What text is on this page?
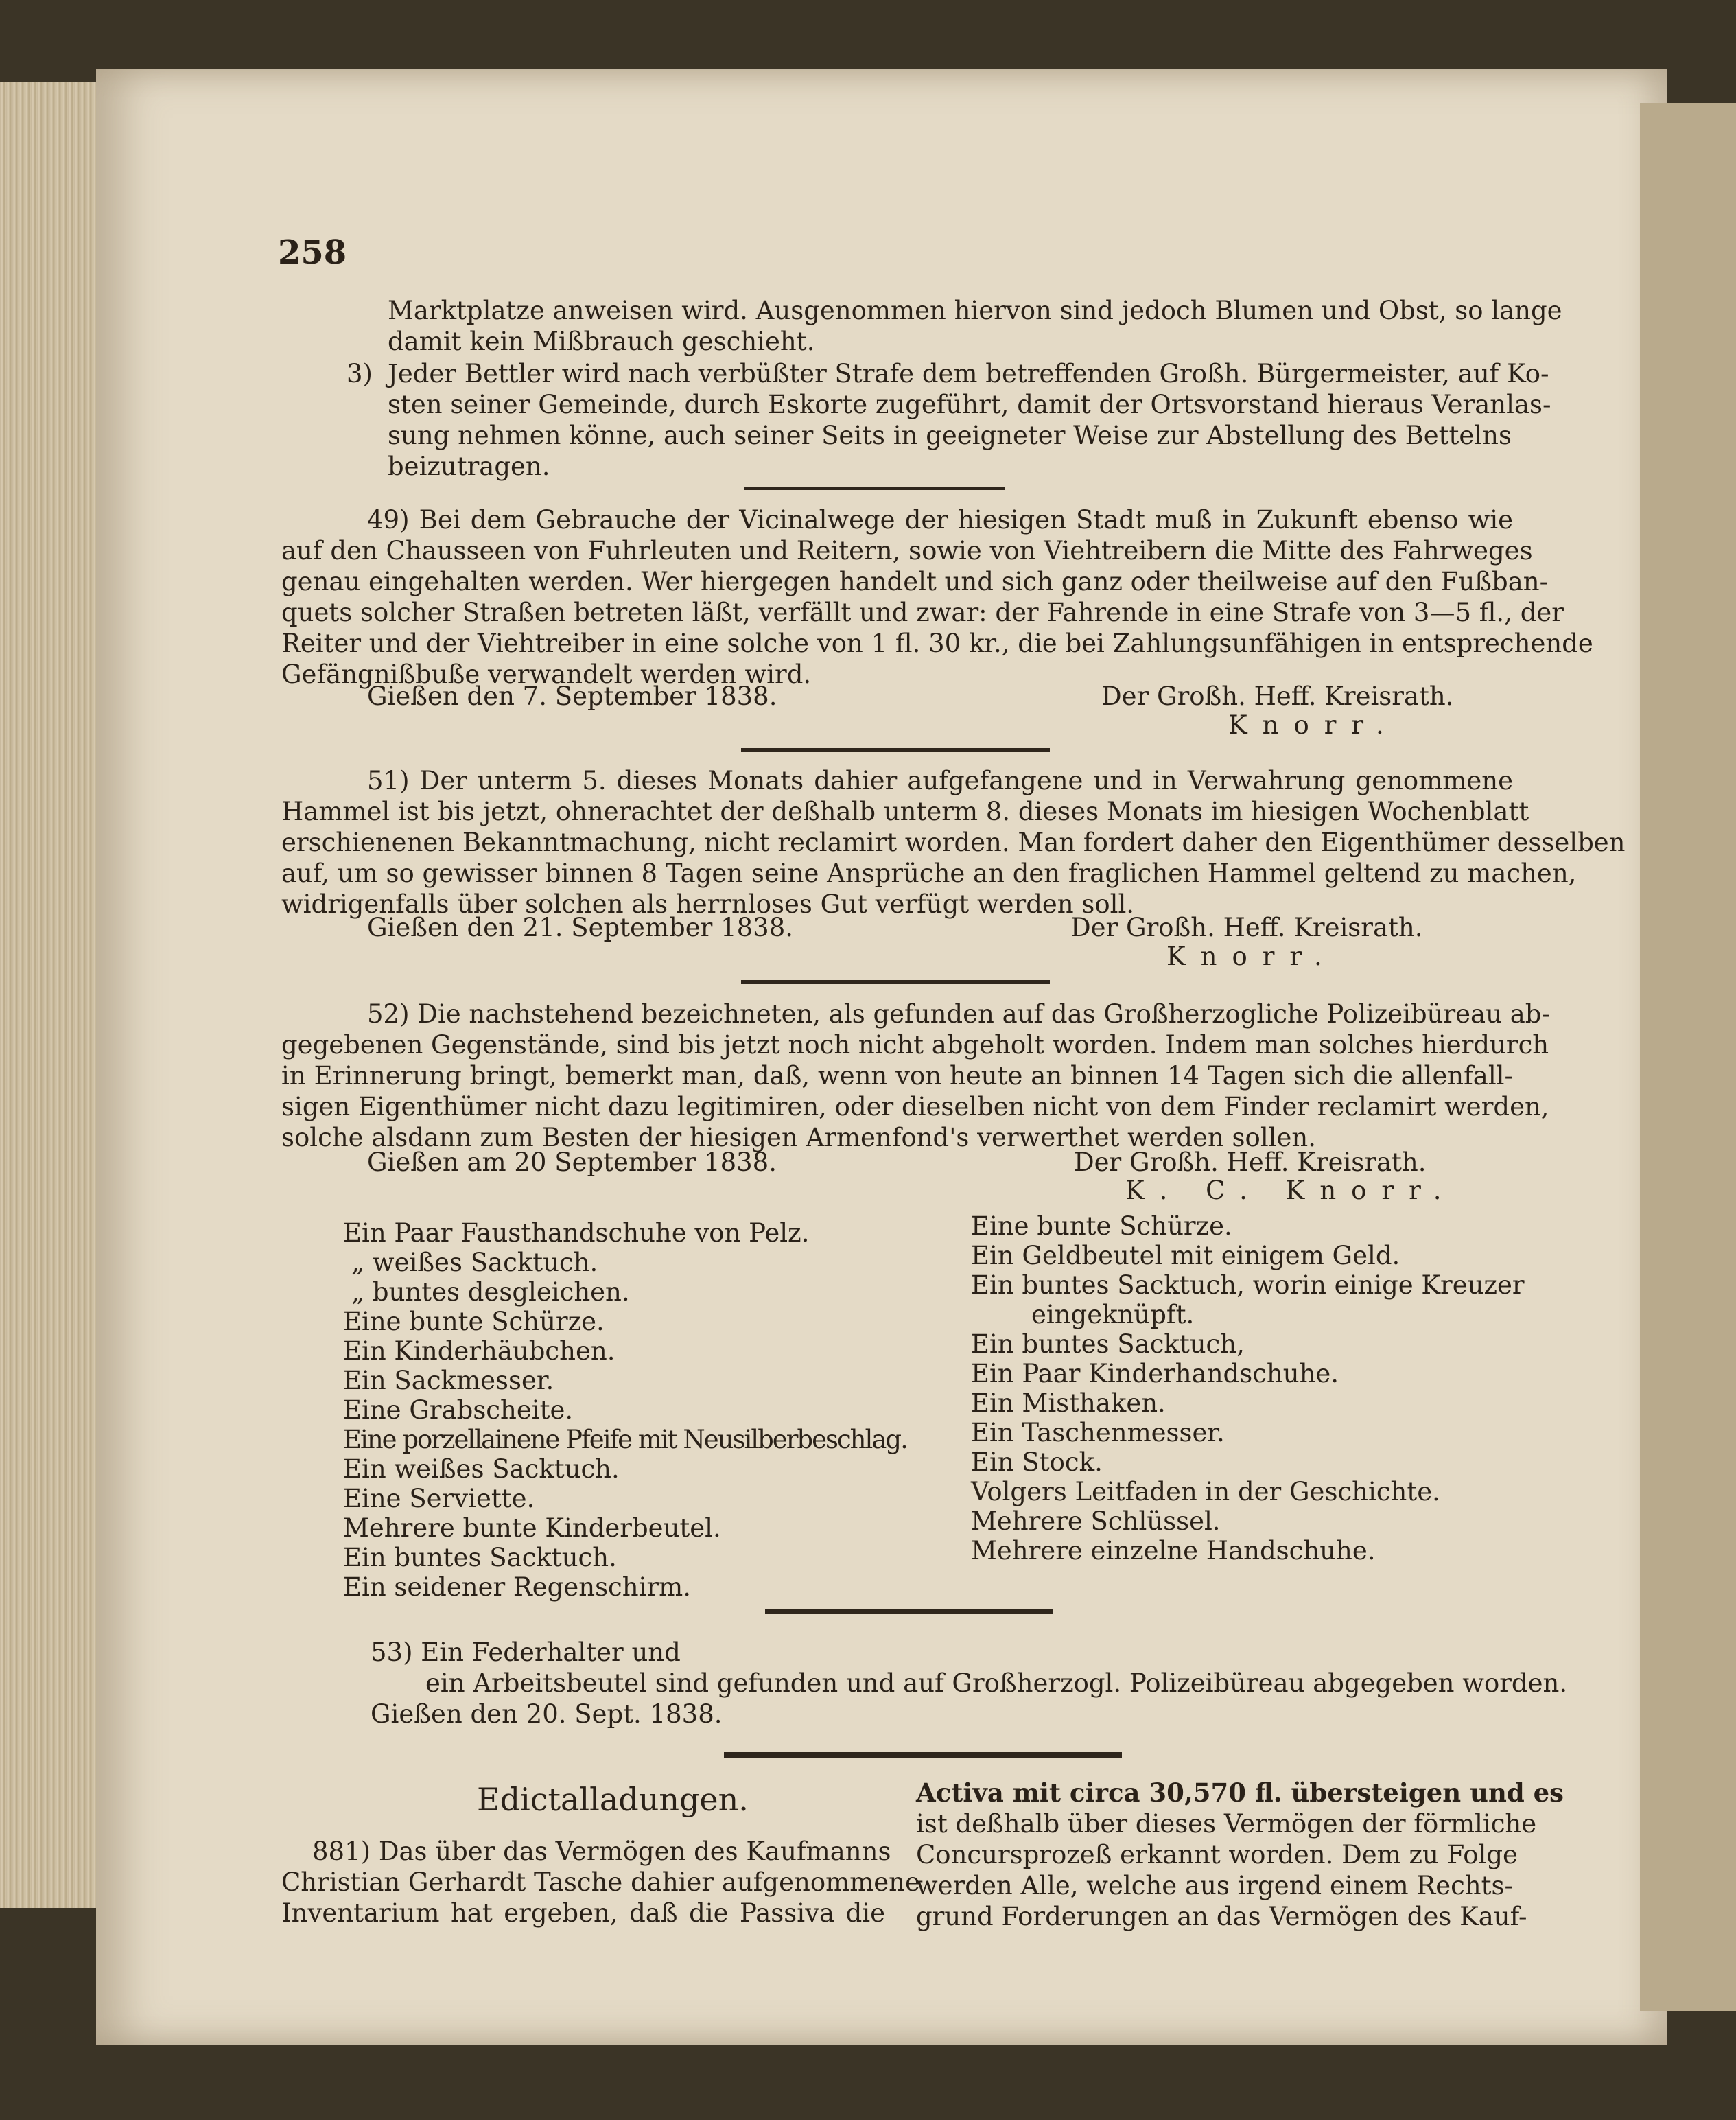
258
Marktplatze anweisen wird. Ausgenommen hiervon sind jedoch Blumen und Obst, so lange
damit kein Mißbrauch geschieht.
3) Jeder Bettler wird nach verbüßter Strafe dem betreffenden Großh. Bürgermeister, auf Ko-
sten seiner Gemeinde, durch Eskorte zugeführt, damit der Ortsvorstand hieraus Veranlas-
sung nehmen könne, auch seiner Seits in geeigneter Weise zur Abstellung des Bettelns
beizutragen.
49) Bei dem Gebrauche der Vicinalwege der hiesigen Stadt muß in Zukunft ebenso wie
auf den Chausseen von Fuhrleuten und Reitern, sowie von Viehtreibern die Mitte des Fahrweges
genau eingehalten werden. Wer hiergegen handelt und sich ganz oder theilweise auf den Fußban-
quets solcher Straßen betreten läßt, verfällt und zwar: der Fahrende in eine Strafe von 3—5 fl., der
Reiter und der Viehtreiber in eine solche von 1 fl. 30 kr., die bei Zahlungsunfähigen in entsprechende
Gefängnißbuße verwandelt werden wird.
Gießen den 7. September 1838.	Der Großh. Heff. Kreisrath.
Knorr.
51) Der unterm 5. dieses Monats dahier aufgefangene und in Verwahrung genommene
Hammel ist bis jetzt, ohnerachtet der deßhalb unterm 8. dieses Monats im hiesigen Wochenblatt
erschienenen Bekanntmachung, nicht reclamirt worden. Man fordert daher den Eigenthümer desselben
auf, um so gewisser binnen 8 Tagen seine Ansprüche an den fraglichen Hammel geltend zu machen,
widrigenfalls über solchen als herrnloses Gut verfügt werden soll.
Gießen den 21. September 1838.	Der Großh. Heff. Kreisrath.
Knorr.
52) Die nachstehend bezeichneten, als gefunden auf das Großherzogliche Polizeibüreau ab-
gegebenen Gegenstände, sind bis jetzt noch nicht abgeholt worden. Indem man solches hierdurch
in Erinnerung bringt, bemerkt man, daß, wenn von heute an binnen 14 Tagen sich die allenfall-
sigen Eigenthümer nicht dazu legitimiren, oder dieselben nicht von dem Finder reclamirt werden,
solche alsdann zum Besten der hiesigen Armenfond's verwerthet werden sollen.
Gießen am 20 September 1838.	Der Großh. Heff. Kreisrath.
K. C. Knorr.
Ein Paar Fausthandschuhe von Pelz.
„ weißes Sacktuch.
„ buntes desgleichen.
Eine bunte Schürze.
Ein Kinderhäubchen.
Ein Sackmesser.
Eine Grabscheite.
Eine porzellainene Pfeife mit Neusilberbeschlag.
Ein weißes Sacktuch.
Eine Serviette.
Mehrere bunte Kinderbeutel.
Ein buntes Sacktuch.
Ein seidener Regenschirm.
Eine bunte Schürze.
Ein Geldbeutel mit einigem Geld.
Ein buntes Sacktuch, worin einige Kreuzer
eingeknüpft.
Ein buntes Sacktuch,
Ein Paar Kinderhandschuhe.
Ein Misthaken.
Ein Taschenmesser.
Ein Stock.
Volgers Leitfaden in der Geschichte.
Mehrere Schlüssel.
Mehrere einzelne Handschuhe.
53) Ein Federhalter und
ein Arbeitsbeutel sind gefunden und auf Großherzogl. Polizeibüreau abgegeben worden.
Gießen den 20. Sept. 1838.
Edictalladungen.
881) Das über das Vermögen des Kaufmanns
Christian Gerhardt Tasche dahier aufgenommene
Inventarium hat ergeben, daß die Passiva die
Activa mit circa 30,570 fl. übersteigen und es
ist deßhalb über dieses Vermögen der förmliche
Concursprozeß erkannt worden. Dem zu Folge
werden Alle, welche aus irgend einem Rechts-
grund Forderungen an das Vermögen des Kauf-
